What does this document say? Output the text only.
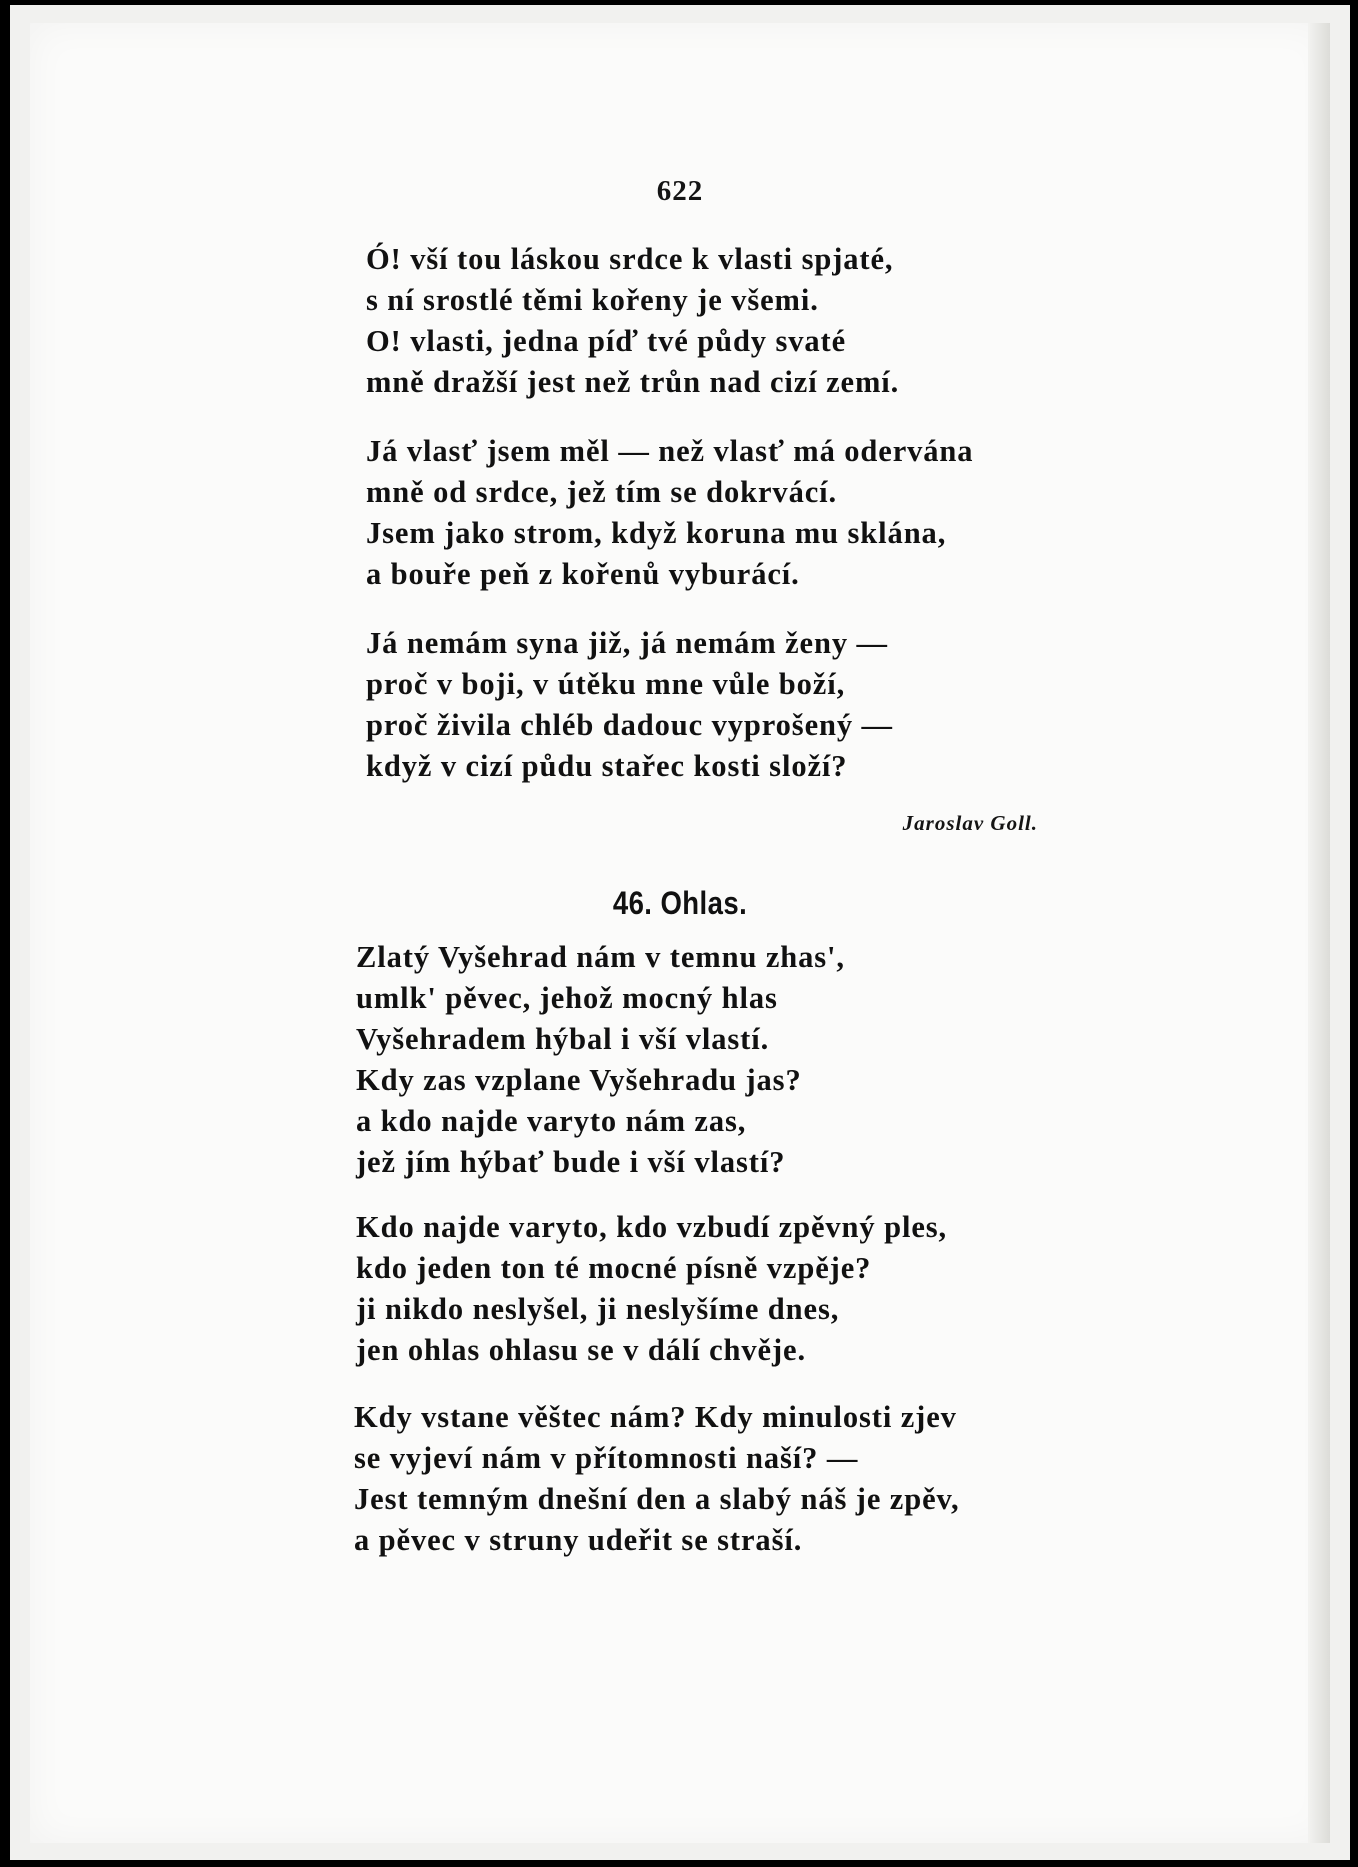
622
Ó! vší tou láskou srdce k vlasti spjaté,
s ní srostlé těmi kořeny je všemi.
O! vlasti, jedna píď tvé půdy svaté
mně dražší jest než trůn nad cizí zemí.
Já vlasť jsem měl — než vlasť má odervána
mně od srdce, jež tím se dokrvácí.
Jsem jako strom, když koruna mu sklána,
a bouře peň z kořenů vyburácí.
Já nemám syna již, já nemám ženy —
proč v boji, v útěku mne vůle boží,
proč živila chléb dadouc vyprošený —
když v cizí půdu stařec kosti složí?
Jaroslav Goll.
46. Ohlas.
Zlatý Vyšehrad nám v temnu zhas',
umlk' pěvec, jehož mocný hlas
Vyšehradem hýbal i vší vlastí.
Kdy zas vzplane Vyšehradu jas?
a kdo najde varyto nám zas,
jež jím hýbať bude i vší vlastí?
Kdo najde varyto, kdo vzbudí zpěvný ples,
kdo jeden ton té mocné písně vzpěje?
ji nikdo neslyšel, ji neslyšíme dnes,
jen ohlas ohlasu se v dálí chvěje.
Kdy vstane věštec nám? Kdy minulosti zjev
se vyjeví nám v přítomnosti naší? —
Jest temným dnešní den a slabý náš je zpěv,
a pěvec v struny udeřit se straší.
